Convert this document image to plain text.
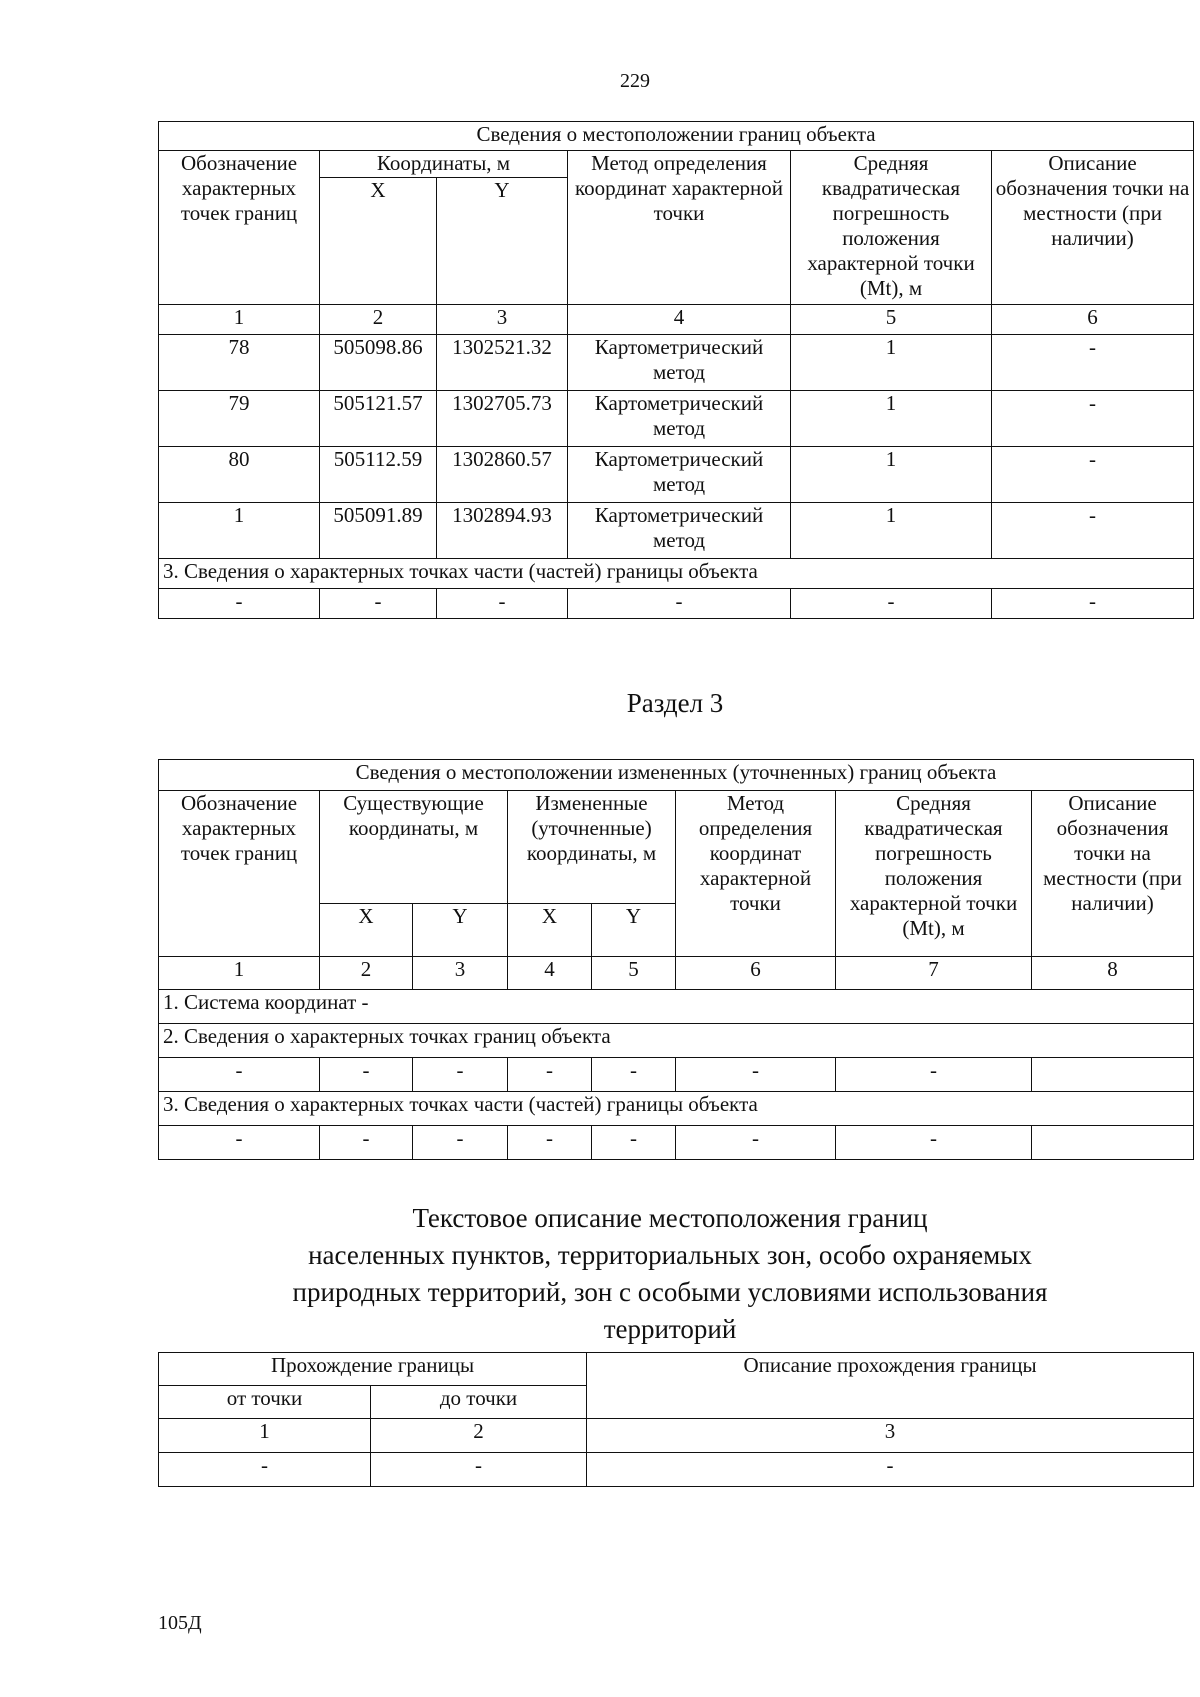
229
Сведения о местоположении границ объекта					
Обозначение характерных точек границ	Координаты, м		Метод определения координат характерной точки	Средняя квадратическая погрешность положения характерной точки (Mt), м	Описание обозначения точки на местности (при наличии)
	X	Y			
1	2	3	4	5	6
78	505098.86	1302521.32	Картометрический метод	1	-
79	505121.57	1302705.73	Картометрический метод	1	-
80	505112.59	1302860.57	Картометрический метод	1	-
1	505091.89	1302894.93	Картометрический метод	1	-
3. Сведения о характерных точках части (частей) границы объекта					
-	-	-	-	-	-
Раздел 3
Сведения о местоположении измененных (уточненных) границ объекта							
Обозначение характерных точек границ	Существующие координаты, м		Измененные (уточненные) координаты, м		Метод определения координат характерной точки	Средняя квадратическая погрешность положения характерной точки (Mt), м	Описание обозначения точки на местности (при наличии)
	X	Y	X	Y			
1	2	3	4	5	6	7	8
1. Система координат -							
2. Сведения о характерных точках границ объекта							
-	-	-	-	-	-	-	
3. Сведения о характерных точках части (частей) границы объекта							
-	-	-	-	-	-	-	
Текстовое описание местоположения границ
населенных пунктов, территориальных зон, особо охраняемых
природных территорий, зон с особыми условиями использования
территорий
Прохождение границы		Описание прохождения границы
от точки	до точки	
1	2	3
-	-	-
105Д
